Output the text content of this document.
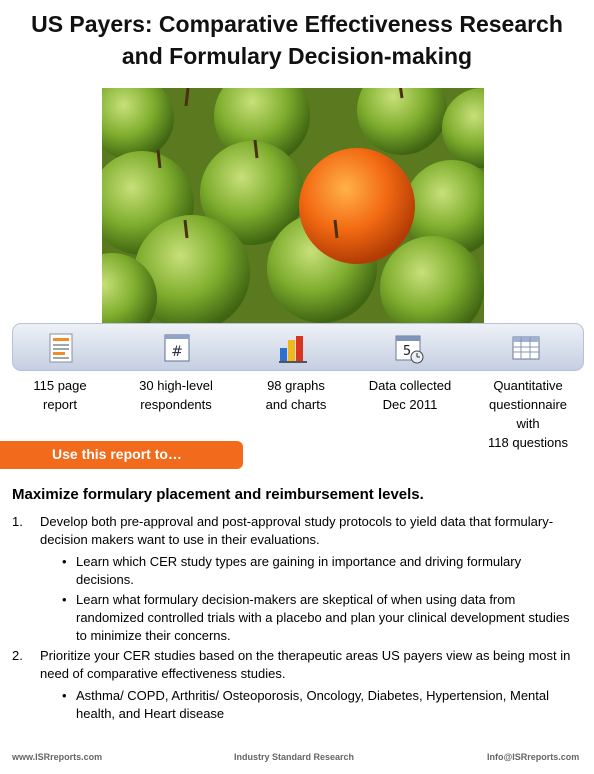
US Payers: Comparative Effectiveness Research
and Formulary Decision-making
#	5
115 page
report
30 high-level
respondents
98 graphs
and charts
Data collected
Dec 2011
Quantitative
questionnaire
with
118 questions
Use this report to…
Maximize formulary placement and reimbursement levels.
1. Develop both pre-approval and post-approval study protocols to yield data that formulary-decision makers want to use in their evaluations.
• Learn which CER study types are gaining in importance and driving formulary decisions.
• Learn what formulary decision-makers are skeptical of when using data from randomized controlled trials with a placebo and plan your clinical development studies to minimize their concerns.
2. Prioritize your CER studies based on the therapeutic areas US payers view as being most in need of comparative effectiveness studies.
• Asthma/ COPD, Arthritis/ Osteoporosis, Oncology, Diabetes, Hypertension, Mental health, and Heart disease
www.ISRreports.com	Industry Standard Research	Info@ISRreports.com
